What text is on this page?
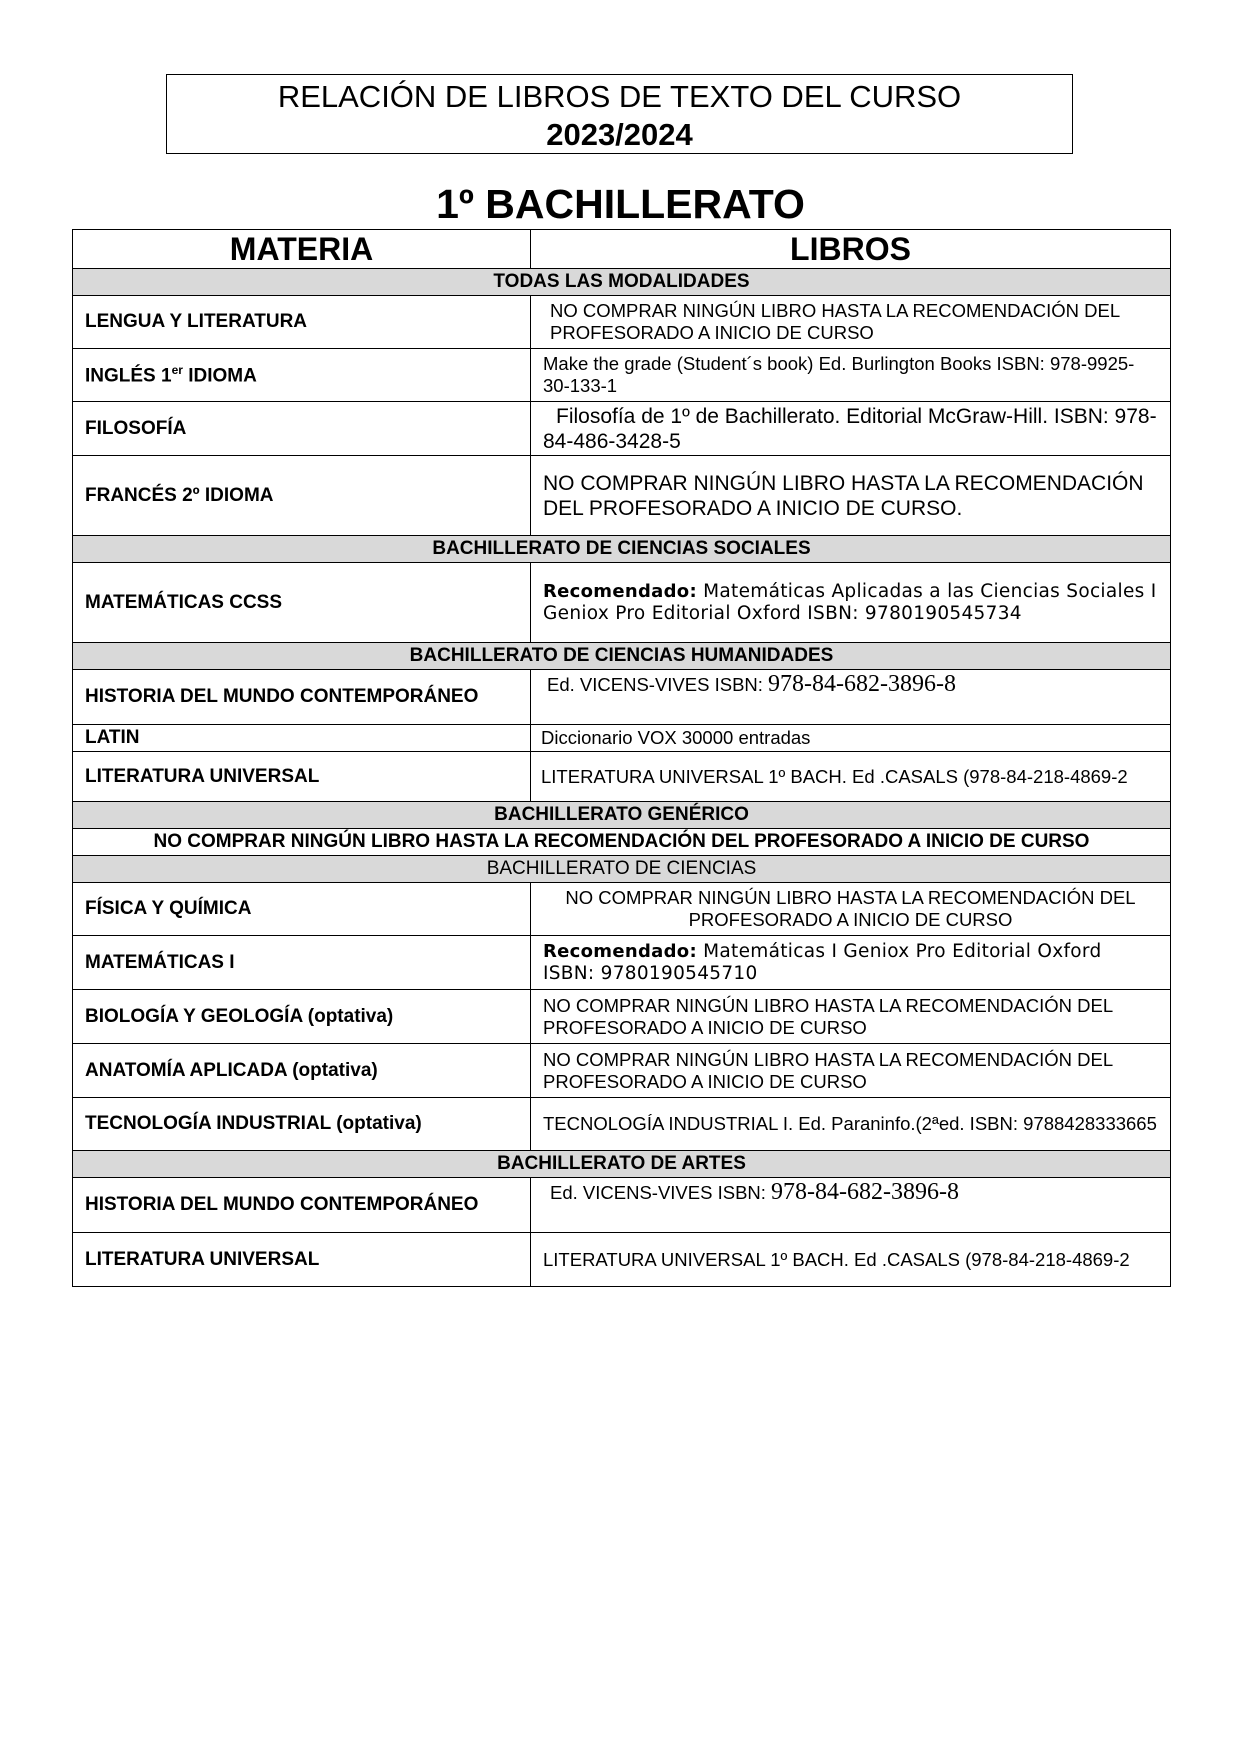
RELACIÓN DE LIBROS DE TEXTO DEL CURSO
2023/2024
1º BACHILLERATO
MATERIA	LIBROS
TODAS LAS MODALIDADES	
LENGUA Y LITERATURA	NO COMPRAR NINGÚN LIBRO HASTA LA RECOMENDACIÓN DEL PROFESORADO A INICIO DE CURSO
INGLÉS 1er IDIOMA	Make the grade (Student´s book) Ed. Burlington Books ISBN: 978-9925-30-133-1
FILOSOFÍA	Filosofía de 1º de Bachillerato. Editorial McGraw-Hill. ISBN: 978-84-486-3428-5
FRANCÉS 2º IDIOMA	NO COMPRAR NINGÚN LIBRO HASTA LA RECOMENDACIÓN DEL PROFESORADO A INICIO DE CURSO.
BACHILLERATO DE CIENCIAS SOCIALES	
MATEMÁTICAS CCSS	Recomendado: Matemáticas Aplicadas a las Ciencias Sociales I Geniox Pro Editorial Oxford ISBN: 9780190545734
BACHILLERATO DE CIENCIAS HUMANIDADES	
HISTORIA DEL MUNDO CONTEMPORÁNEO	Ed. VICENS-VIVES ISBN: 978-84-682-3896-8
LATIN	Diccionario VOX 30000 entradas
LITERATURA UNIVERSAL	LITERATURA UNIVERSAL 1º BACH. Ed .CASALS (978-84-218-4869-2
BACHILLERATO GENÉRICO	
NO COMPRAR NINGÚN LIBRO HASTA LA RECOMENDACIÓN DEL PROFESORADO A INICIO DE CURSO	
BACHILLERATO DE CIENCIAS	
FÍSICA Y QUÍMICA	NO COMPRAR NINGÚN LIBRO HASTA LA RECOMENDACIÓN DEL PROFESORADO A INICIO DE CURSO
MATEMÁTICAS I	Recomendado: Matemáticas I Geniox Pro Editorial Oxford ISBN: 9780190545710
BIOLOGÍA Y GEOLOGÍA (optativa)	NO COMPRAR NINGÚN LIBRO HASTA LA RECOMENDACIÓN DEL PROFESORADO A INICIO DE CURSO
ANATOMÍA APLICADA (optativa)	NO COMPRAR NINGÚN LIBRO HASTA LA RECOMENDACIÓN DEL PROFESORADO A INICIO DE CURSO
TECNOLOGÍA INDUSTRIAL (optativa)	TECNOLOGÍA INDUSTRIAL I. Ed. Paraninfo.(2ªed. ISBN: 9788428333665
BACHILLERATO DE ARTES	
HISTORIA DEL MUNDO CONTEMPORÁNEO	Ed. VICENS-VIVES ISBN: 978-84-682-3896-8
LITERATURA UNIVERSAL	LITERATURA UNIVERSAL 1º BACH. Ed .CASALS (978-84-218-4869-2
